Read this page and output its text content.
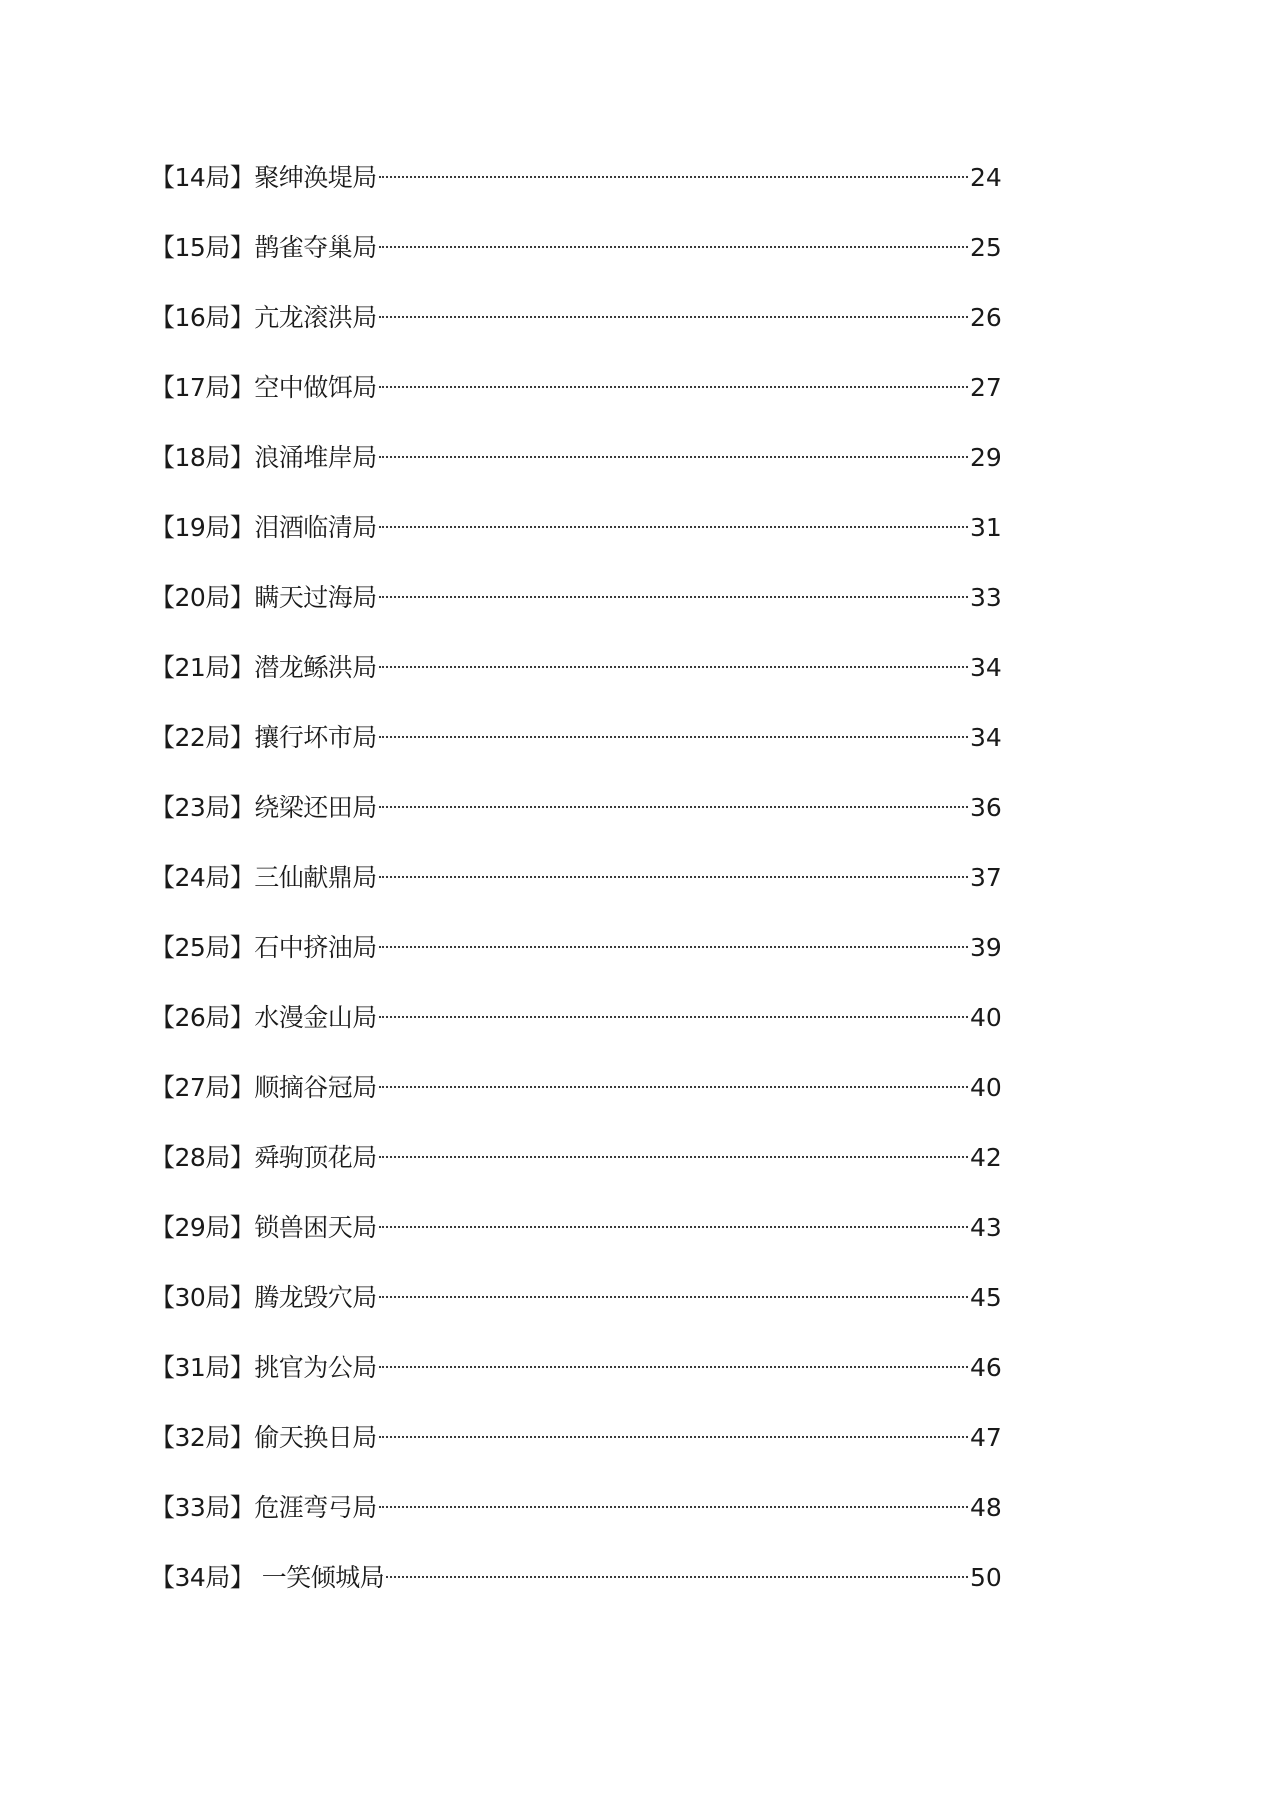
【14局】聚绅涣堤局	24
【15局】鹊雀夺巢局	25
【16局】亢龙滚洪局	26
【17局】空中做饵局	27
【18局】浪涌堆岸局	29
【19局】泪酒临清局	31
【20局】瞒天过海局	33
【21局】潜龙鲧洪局	34
【22局】攘行坏市局	34
【23局】绕梁还田局	36
【24局】三仙献鼎局	37
【25局】石中挤油局	39
【26局】水漫金山局	40
【27局】顺摘谷冠局	40
【28局】舜驹顶花局	42
【29局】锁兽困天局	43
【30局】腾龙毁穴局	45
【31局】挑官为公局	46
【32局】偷天换日局	47
【33局】危涯弯弓局	48
【34局】 一笑倾城局	50
